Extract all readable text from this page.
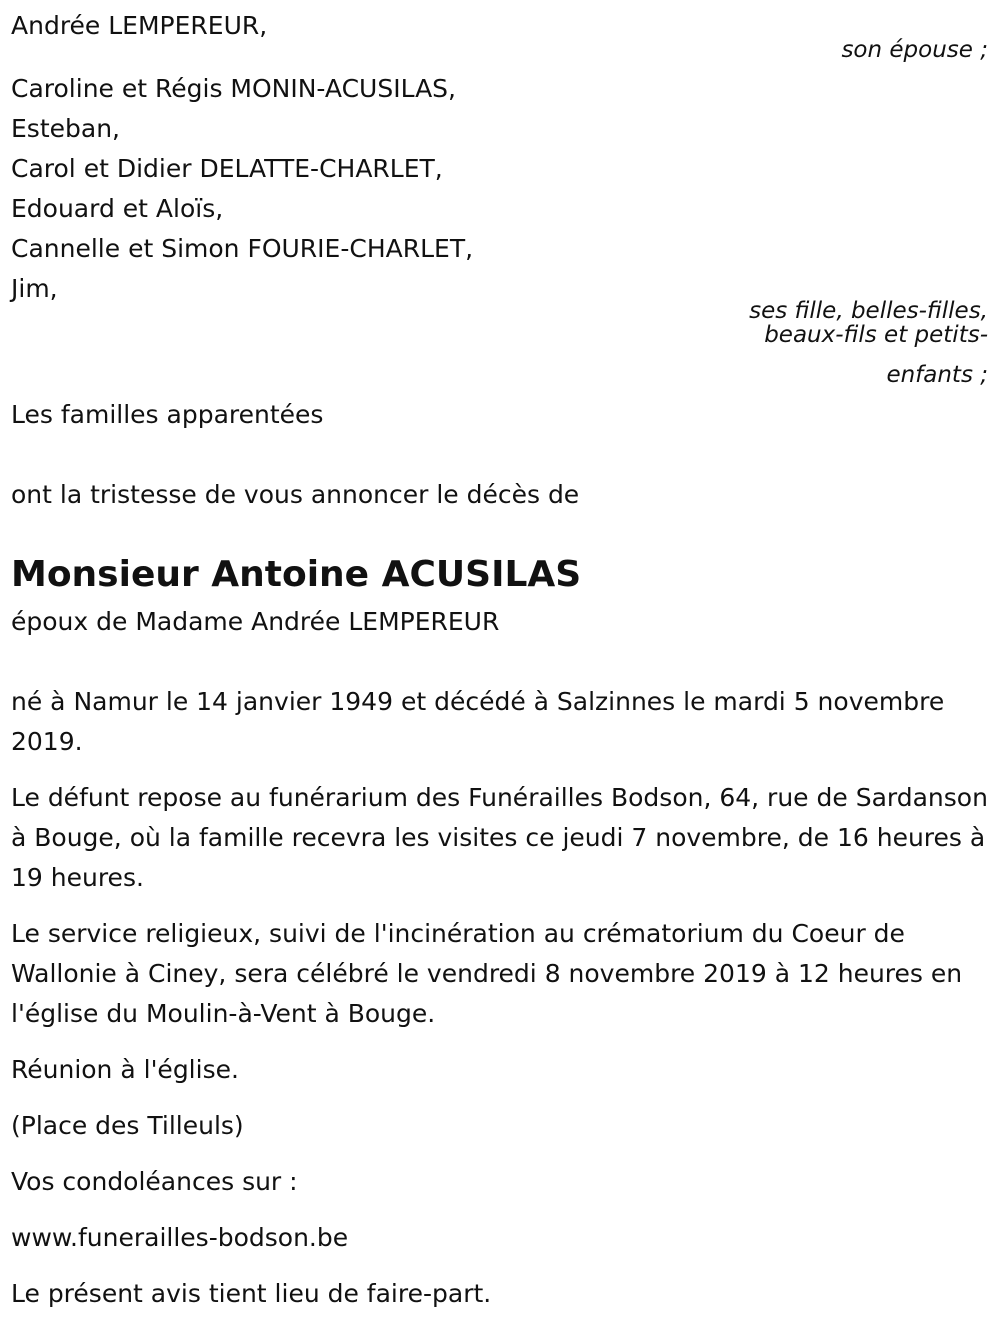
Andrée LEMPEREUR,
son épouse ;
Caroline et Régis MONIN-ACUSILAS,
Esteban,
Carol et Didier DELATTE-CHARLET,
Edouard et Aloïs,
Cannelle et Simon FOURIE-CHARLET,
Jim,
ses fille, belles-filles,
beaux-fils et petits-
enfants ;
Les familles apparentées
ont la tristesse de vous annoncer le décès de
Monsieur Antoine ACUSILAS
époux de Madame Andrée LEMPEREUR

né à Namur le 14 janvier 1949 et décédé à Salzinnes le mardi 5 novembre 2019.

Le défunt repose au funérarium des Funérailles Bodson, 64, rue de Sardanson à Bouge, où la famille recevra les visites ce jeudi 7 novembre, de 16 heures à 19 heures.

Le service religieux, suivi de l'incinération au crématorium du Coeur de Wallonie à Ciney, sera célébré le vendredi 8 novembre 2019 à 12 heures en l'église du Moulin-à-Vent à Bouge.

Réunion à l'église.
(Place des Tilleuls)
Vos condoléances sur :
www.funerailles-bodson.be
Le présent avis tient lieu de faire-part.
